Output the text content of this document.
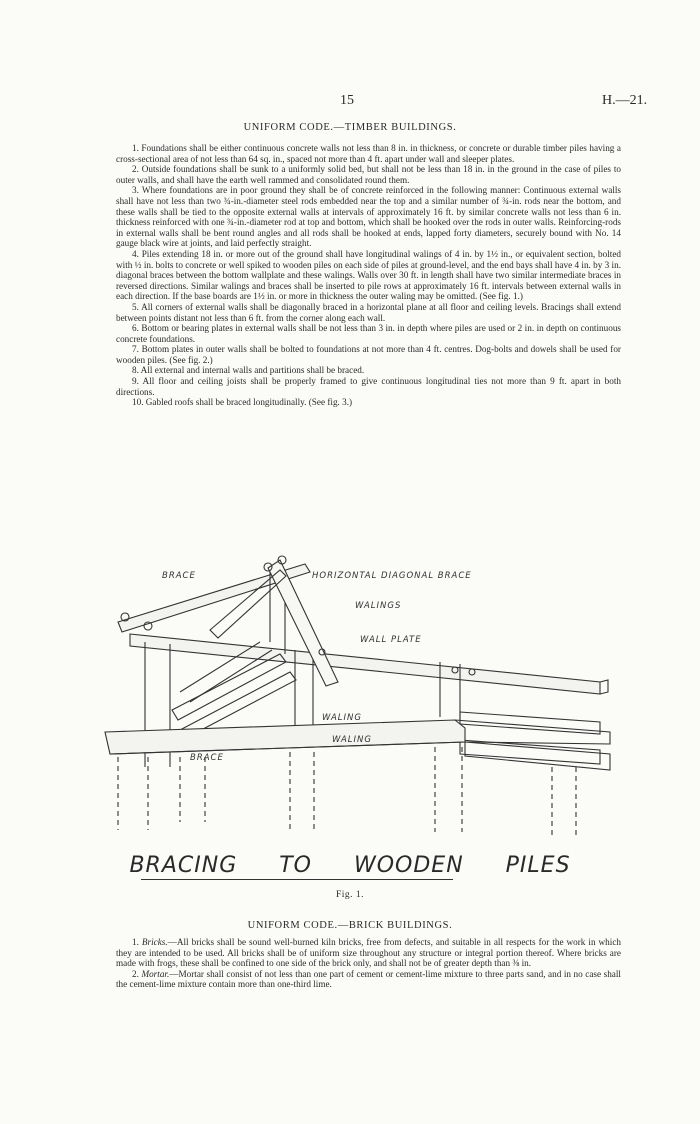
15	H.—21.
UNIFORM CODE.—TIMBER BUILDINGS.

1. Foundations shall be either continuous concrete walls not less than 8 in. in thickness, or concrete or durable timber piles having a cross-sectional area of not less than 64 sq. in., spaced not more than 4 ft. apart under wall and sleeper plates.

2. Outside foundations shall be sunk to a uniformly solid bed, but shall not be less than 18 in. in the ground in the case of piles to outer walls, and shall have the earth well rammed and consolidated round them.

3. Where foundations are in poor ground they shall be of concrete reinforced in the following manner: Continuous external walls shall have not less than two ¾-in.-diameter steel rods embedded near the top and a similar number of ¾-in. rods near the bottom, and these walls shall be tied to the opposite external walls at intervals of approximately 16 ft. by similar concrete walls not less than 6 in. thickness reinforced with one ¾-in.-diameter rod at top and bottom, which shall be hooked over the rods in outer walls. Reinforcing-rods in external walls shall be bent round angles and all rods shall be hooked at ends, lapped forty diameters, securely bound with No. 14 gauge black wire at joints, and laid perfectly straight.

4. Piles extending 18 in. or more out of the ground shall have longitudinal walings of 4 in. by 1½ in., or equivalent section, bolted with ½ in. bolts to concrete or well spiked to wooden piles on each side of piles at ground-level, and the end bays shall have 4 in. by 3 in. diagonal braces between the bottom wallplate and these walings. Walls over 30 ft. in length shall have two similar intermediate braces in reversed directions. Similar walings and braces shall be inserted to pile rows at approximately 16 ft. intervals between external walls in each direction. If the base boards are 1½ in. or more in thickness the outer waling may be omitted. (See fig. 1.)

5. All corners of external walls shall be diagonally braced in a horizontal plane at all floor and ceiling levels. Bracings shall extend between points distant not less than 6 ft. from the corner along each wall.

6. Bottom or bearing plates in external walls shall be not less than 3 in. in depth where piles are used or 2 in. in depth on continuous concrete foundations.

7. Bottom plates in outer walls shall be bolted to foundations at not more than 4 ft. centres. Dog-bolts and dowels shall be used for wooden piles. (See fig. 2.)

8. All external and internal walls and partitions shall be braced.

9. All floor and ceiling joists shall be properly framed to give continuous longitudinal ties not more than 9 ft. apart in both directions.

10. Gabled roofs shall be braced longitudinally. (See fig. 3.)

BRACE	HORIZONTAL DIAGONAL BRACE
WALINGS
WALL PLATE
WALING
WALING
BRACE
BRACING TO WOODEN PILES
Fig. 1.
UNIFORM CODE.—BRICK BUILDINGS.

1. Bricks.—All bricks shall be sound well-burned kiln bricks, free from defects, and suitable in all respects for the work in which they are intended to be used. All bricks shall be of uniform size throughout any structure or integral portion thereof. Where bricks are made with frogs, these shall be confined to one side of the brick only, and shall not be of greater depth than ⅜ in.

2. Mortar.—Mortar shall consist of not less than one part of cement or cement-lime mixture to three parts sand, and in no case shall the cement-lime mixture contain more than one-third lime.
